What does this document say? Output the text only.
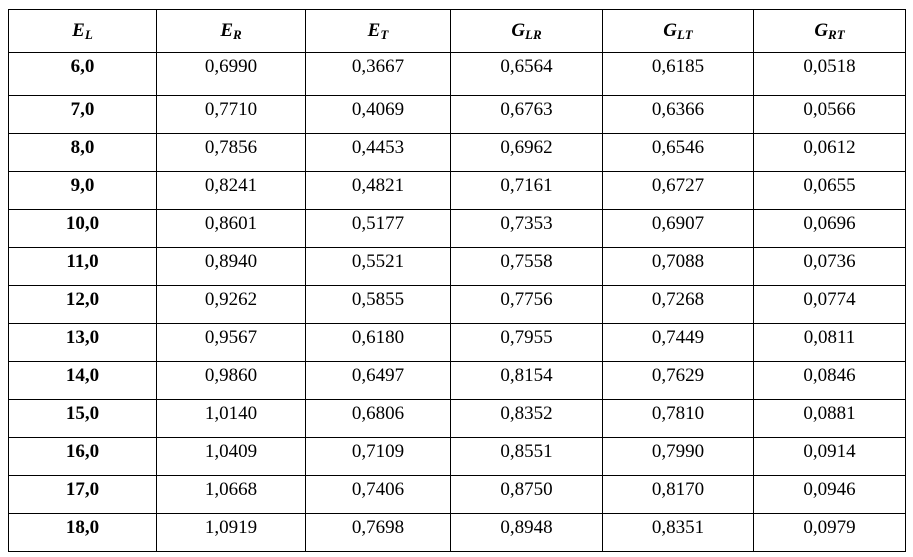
$E_L$	$E_R$	$E_T$	$G_{LR}$	$G_{LT}$	$G_{RT}$
6,0	0,6990	0,3667	0,6564	0,6185	0,0518
7,0	0,7710	0,4069	0,6763	0,6366	0,0566
8,0	0,7856	0,4453	0,6962	0,6546	0,0612
9,0	0,8241	0,4821	0,7161	0,6727	0,0655
10,0	0,8601	0,5177	0,7353	0,6907	0,0696
11,0	0,8940	0,5521	0,7558	0,7088	0,0736
12,0	0,9262	0,5855	0,7756	0,7268	0,0774
13,0	0,9567	0,6180	0,7955	0,7449	0,0811
14,0	0,9860	0,6497	0,8154	0,7629	0,0846
15,0	1,0140	0,6806	0,8352	0,7810	0,0881
16,0	1,0409	0,7109	0,8551	0,7990	0,0914
17,0	1,0668	0,7406	0,8750	0,8170	0,0946
18,0	1,0919	0,7698	0,8948	0,8351	0,0979
